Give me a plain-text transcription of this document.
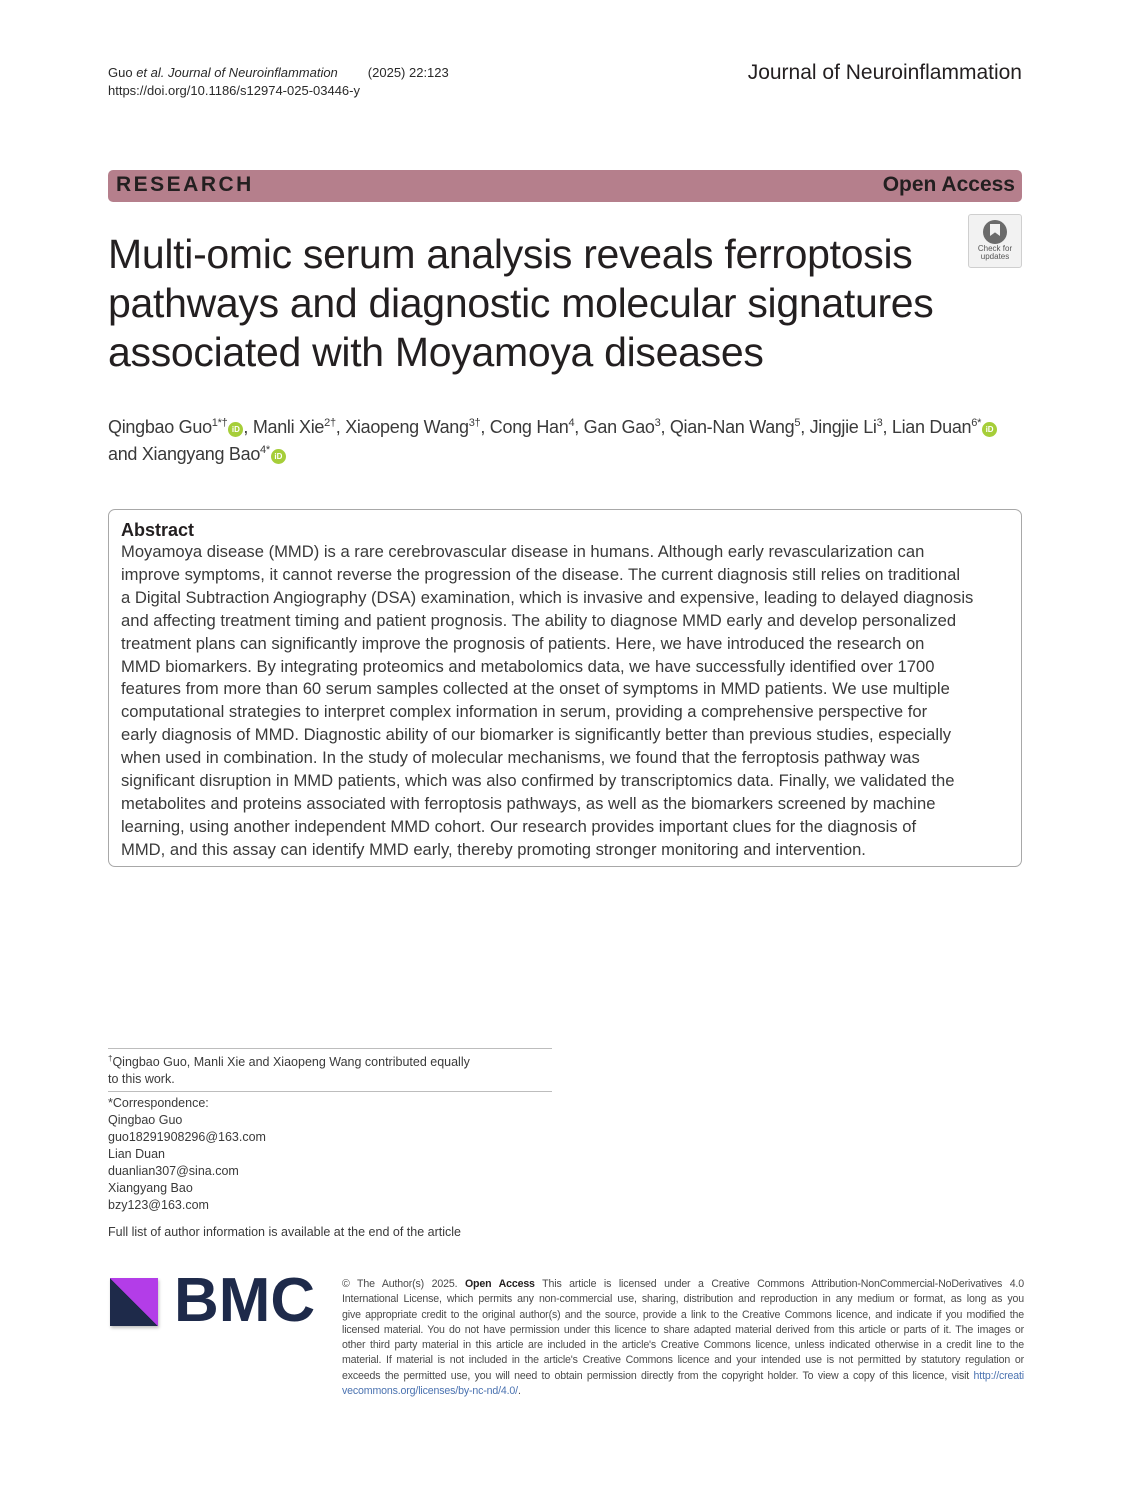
Guo et al. Journal of Neuroinflammation (2025) 22:123
https://doi.org/10.1186/s12974-025-03446-y
Journal of Neuroinflammation
RESEARCH	Open Access
Check for
updates
Multi-omic serum analysis reveals ferroptosis pathways and diagnostic molecular signatures associated with Moyamoya diseases
Qingbao Guo$^{1*\dagger}$iD , Manli Xie$^{2\dagger}$, Xiaopeng Wang$^{3\dagger}$, Cong Han$^4$, Gan Gao$^3$, Qian-Nan Wang$^5$, Jingjie Li$^3$, Lian Duan$^{6*}$iD
and Xiangyang Bao$^{4*}$iD
Abstract
Moyamoya disease (MMD) is a rare cerebrovascular disease in humans. Although early revascularization can
improve symptoms, it cannot reverse the progression of the disease. The current diagnosis still relies on traditional
a Digital Subtraction Angiography (DSA) examination, which is invasive and expensive, leading to delayed diagnosis
and affecting treatment timing and patient prognosis. The ability to diagnose MMD early and develop personalized
treatment plans can significantly improve the prognosis of patients. Here, we have introduced the research on
MMD biomarkers. By integrating proteomics and metabolomics data, we have successfully identified over 1700
features from more than 60 serum samples collected at the onset of symptoms in MMD patients. We use multiple
computational strategies to interpret complex information in serum, providing a comprehensive perspective for
early diagnosis of MMD. Diagnostic ability of our biomarker is significantly better than previous studies, especially
when used in combination. In the study of molecular mechanisms, we found that the ferroptosis pathway was
significant disruption in MMD patients, which was also confirmed by transcriptomics data. Finally, we validated the
metabolites and proteins associated with ferroptosis pathways, as well as the biomarkers screened by machine
learning, using another independent MMD cohort. Our research provides important clues for the diagnosis of
MMD, and this assay can identify MMD early, thereby promoting stronger monitoring and intervention.
†Qingbao Guo, Manli Xie and Xiaopeng Wang contributed equally
to this work.
*Correspondence:
Qingbao Guo
guo18291908296@163.com
Lian Duan
duanlian307@sina.com
Xiangyang Bao
bzy123@163.com
Full list of author information is available at the end of the article
BMC	© The Author(s) 2025. Open Access This article is licensed under a Creative Commons Attribution-NonCommercial-NoDerivatives 4.0
International License, which permits any non-commercial use, sharing, distribution and reproduction in any medium or format, as long as you
give appropriate credit to the original author(s) and the source, provide a link to the Creative Commons licence, and indicate if you modified the
licensed material. You do not have permission under this licence to share adapted material derived from this article or parts of it. The images or
other third party material in this article are included in the article's Creative Commons licence, unless indicated otherwise in a credit line to the
material. If material is not included in the article's Creative Commons licence and your intended use is not permitted by statutory regulation or
exceeds the permitted use, you will need to obtain permission directly from the copyright holder. To view a copy of this licence, visit http://creati
vecommons.org/licenses/by-nc-nd/4.0/.
